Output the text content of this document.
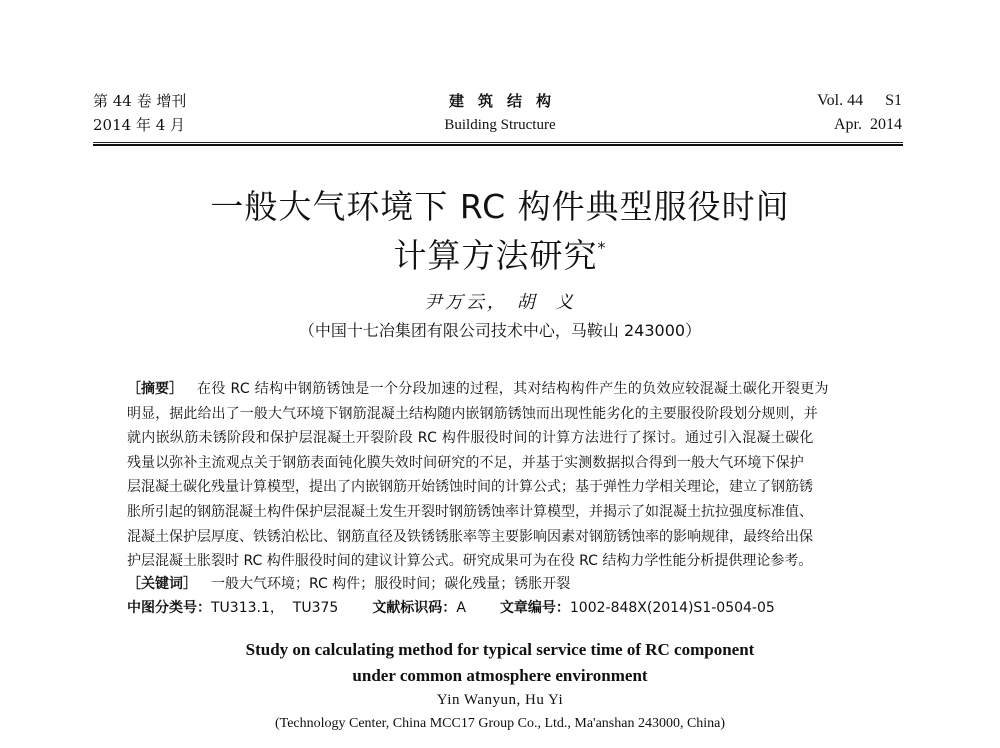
第 44 卷 增刊
2014 年 4 月
建筑结构
Building Structure
Vol. 44 S1
Apr.  2014
一般大气环境下 RC 构件典型服役时间
计算方法研究*
尹万云， 胡  义
（中国十七冶集团有限公司技术中心，马鞍山 243000）
［摘要］ 在役 RC 结构中钢筋锈蚀是一个分段加速的过程，其对结构构件产生的负效应较混凝土碳化开裂更为
明显，据此给出了一般大气环境下钢筋混凝土结构随内嵌钢筋锈蚀而出现性能劣化的主要服役阶段划分规则，并
就内嵌纵筋未锈阶段和保护层混凝土开裂阶段 RC 构件服役时间的计算方法进行了探讨。通过引入混凝土碳化
残量以弥补主流观点关于钢筋表面钝化膜失效时间研究的不足，并基于实测数据拟合得到一般大气环境下保护
层混凝土碳化残量计算模型，提出了内嵌钢筋开始锈蚀时间的计算公式；基于弹性力学相关理论，建立了钢筋锈
胀所引起的钢筋混凝土构件保护层混凝土发生开裂时钢筋锈蚀率计算模型，并揭示了如混凝土抗拉强度标准值、
混凝土保护层厚度、铁锈泊松比、钢筋直径及铁锈锈胀率等主要影响因素对钢筋锈蚀率的影响规律，最终给出保
护层混凝土胀裂时 RC 构件服役时间的建议计算公式。研究成果可为在役 RC 结构力学性能分析提供理论参考。
［关键词］ 一般大气环境；RC 构件；服役时间；碳化残量；锈胀开裂
中图分类号：TU313.1，  TU375 文献标识码：A 文章编号：1002-848X(2014)S1-0504-05
Study on calculating method for typical service time of RC component
under common atmosphere environment
Yin Wanyun, Hu Yi
(Technology Center, China MCC17 Group Co., Ltd., Ma'anshan 243000, China)
